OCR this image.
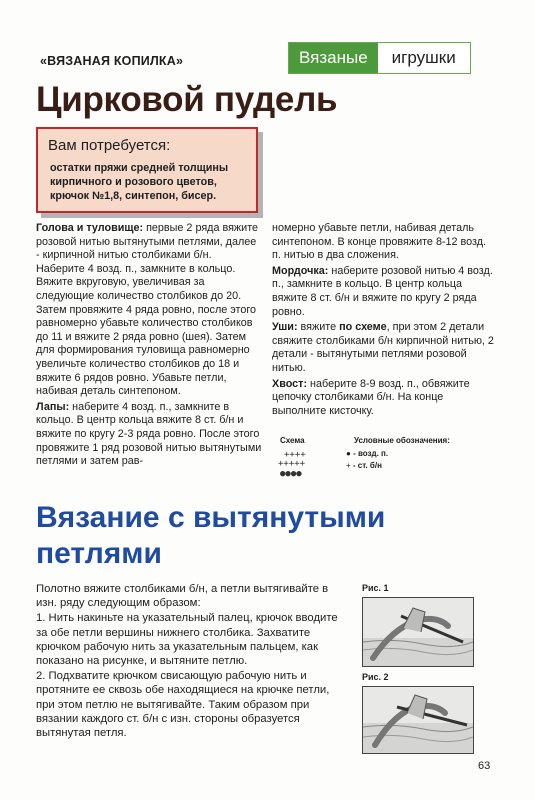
«ВЯЗАНАЯ КОПИЛКА»	Вязаные	игрушки
Цирковой пудель
Вам потребуется:
остатки пряжи средней толщины кирпичного и розового цветов, крючок №1,8, синтепон, бисер.

Голова и туловище: первые 2 ряда вяжите розовой нитью вытянутыми петлями, далее - кирпичной нитью столбиками б/н. Наберите 4 возд. п., замкните в кольцо. Вяжите вкруговую, увеличивая за следующие количество столбиков до 20. Затем провяжите 4 ряда ровно, после этого равномерно убавьте количество столбиков до 11 и вяжите 2 ряда ровно (шея). Затем для формирования туловища равномерно увеличьте количество столбиков до 18 и вяжите 6 рядов ровно. Убавьте петли, набивая деталь синтепоном.

Лапы: наберите 4 возд. п., замкните в кольцо. В центр кольца вяжите 8 ст. б/н и вяжите по кругу 2-3 ряда ровно. После этого провяжите 1 ряд розовой нитью вытянутыми петлями и затем рав-

номерно убавьте петли, набивая деталь синтепоном. В конце провяжите 8-12 возд. п. нитью в два сложения.

Мордочка: наберите розовой нитью 4 возд. п., замкните в кольцо. В центр кольца вяжите 8 ст. б/н и вяжите по кругу 2 ряда ровно.

Уши: вяжите по схеме, при этом 2 детали свяжите столбиками б/н кирпичной нитью, 2 детали - вытянутыми петлями розовой нитью.

Хвост: наберите 8-9 возд. п., обвяжите цепочку столбиками б/н. На конце выполните кисточку.

Схема
++++
+++++
●●●●
Условные обозначения:
● - возд. п.
+ - ст. б/н
Вязание с вытянутыми
петлями

Полотно вяжите столбиками б/н, а петли вытягивайте в изн. ряду следующим образом:

1. Нить накиньте на указательный палец, крючок вводите за обе петли вершины нижнего столбика. Захватите крючком рабочую нить за указательным пальцем, как показано на рисунке, и вытяните петлю.

2. Подхватите крючком свисающую рабочую нить и протяните ее сквозь обе находящиеся на крючке петли, при этом петлю не вытягивайте. Таким образом при вязании каждого ст. б/н с изн. стороны образуется вытянутая петля.

Рис. 1
Рис. 2
63
